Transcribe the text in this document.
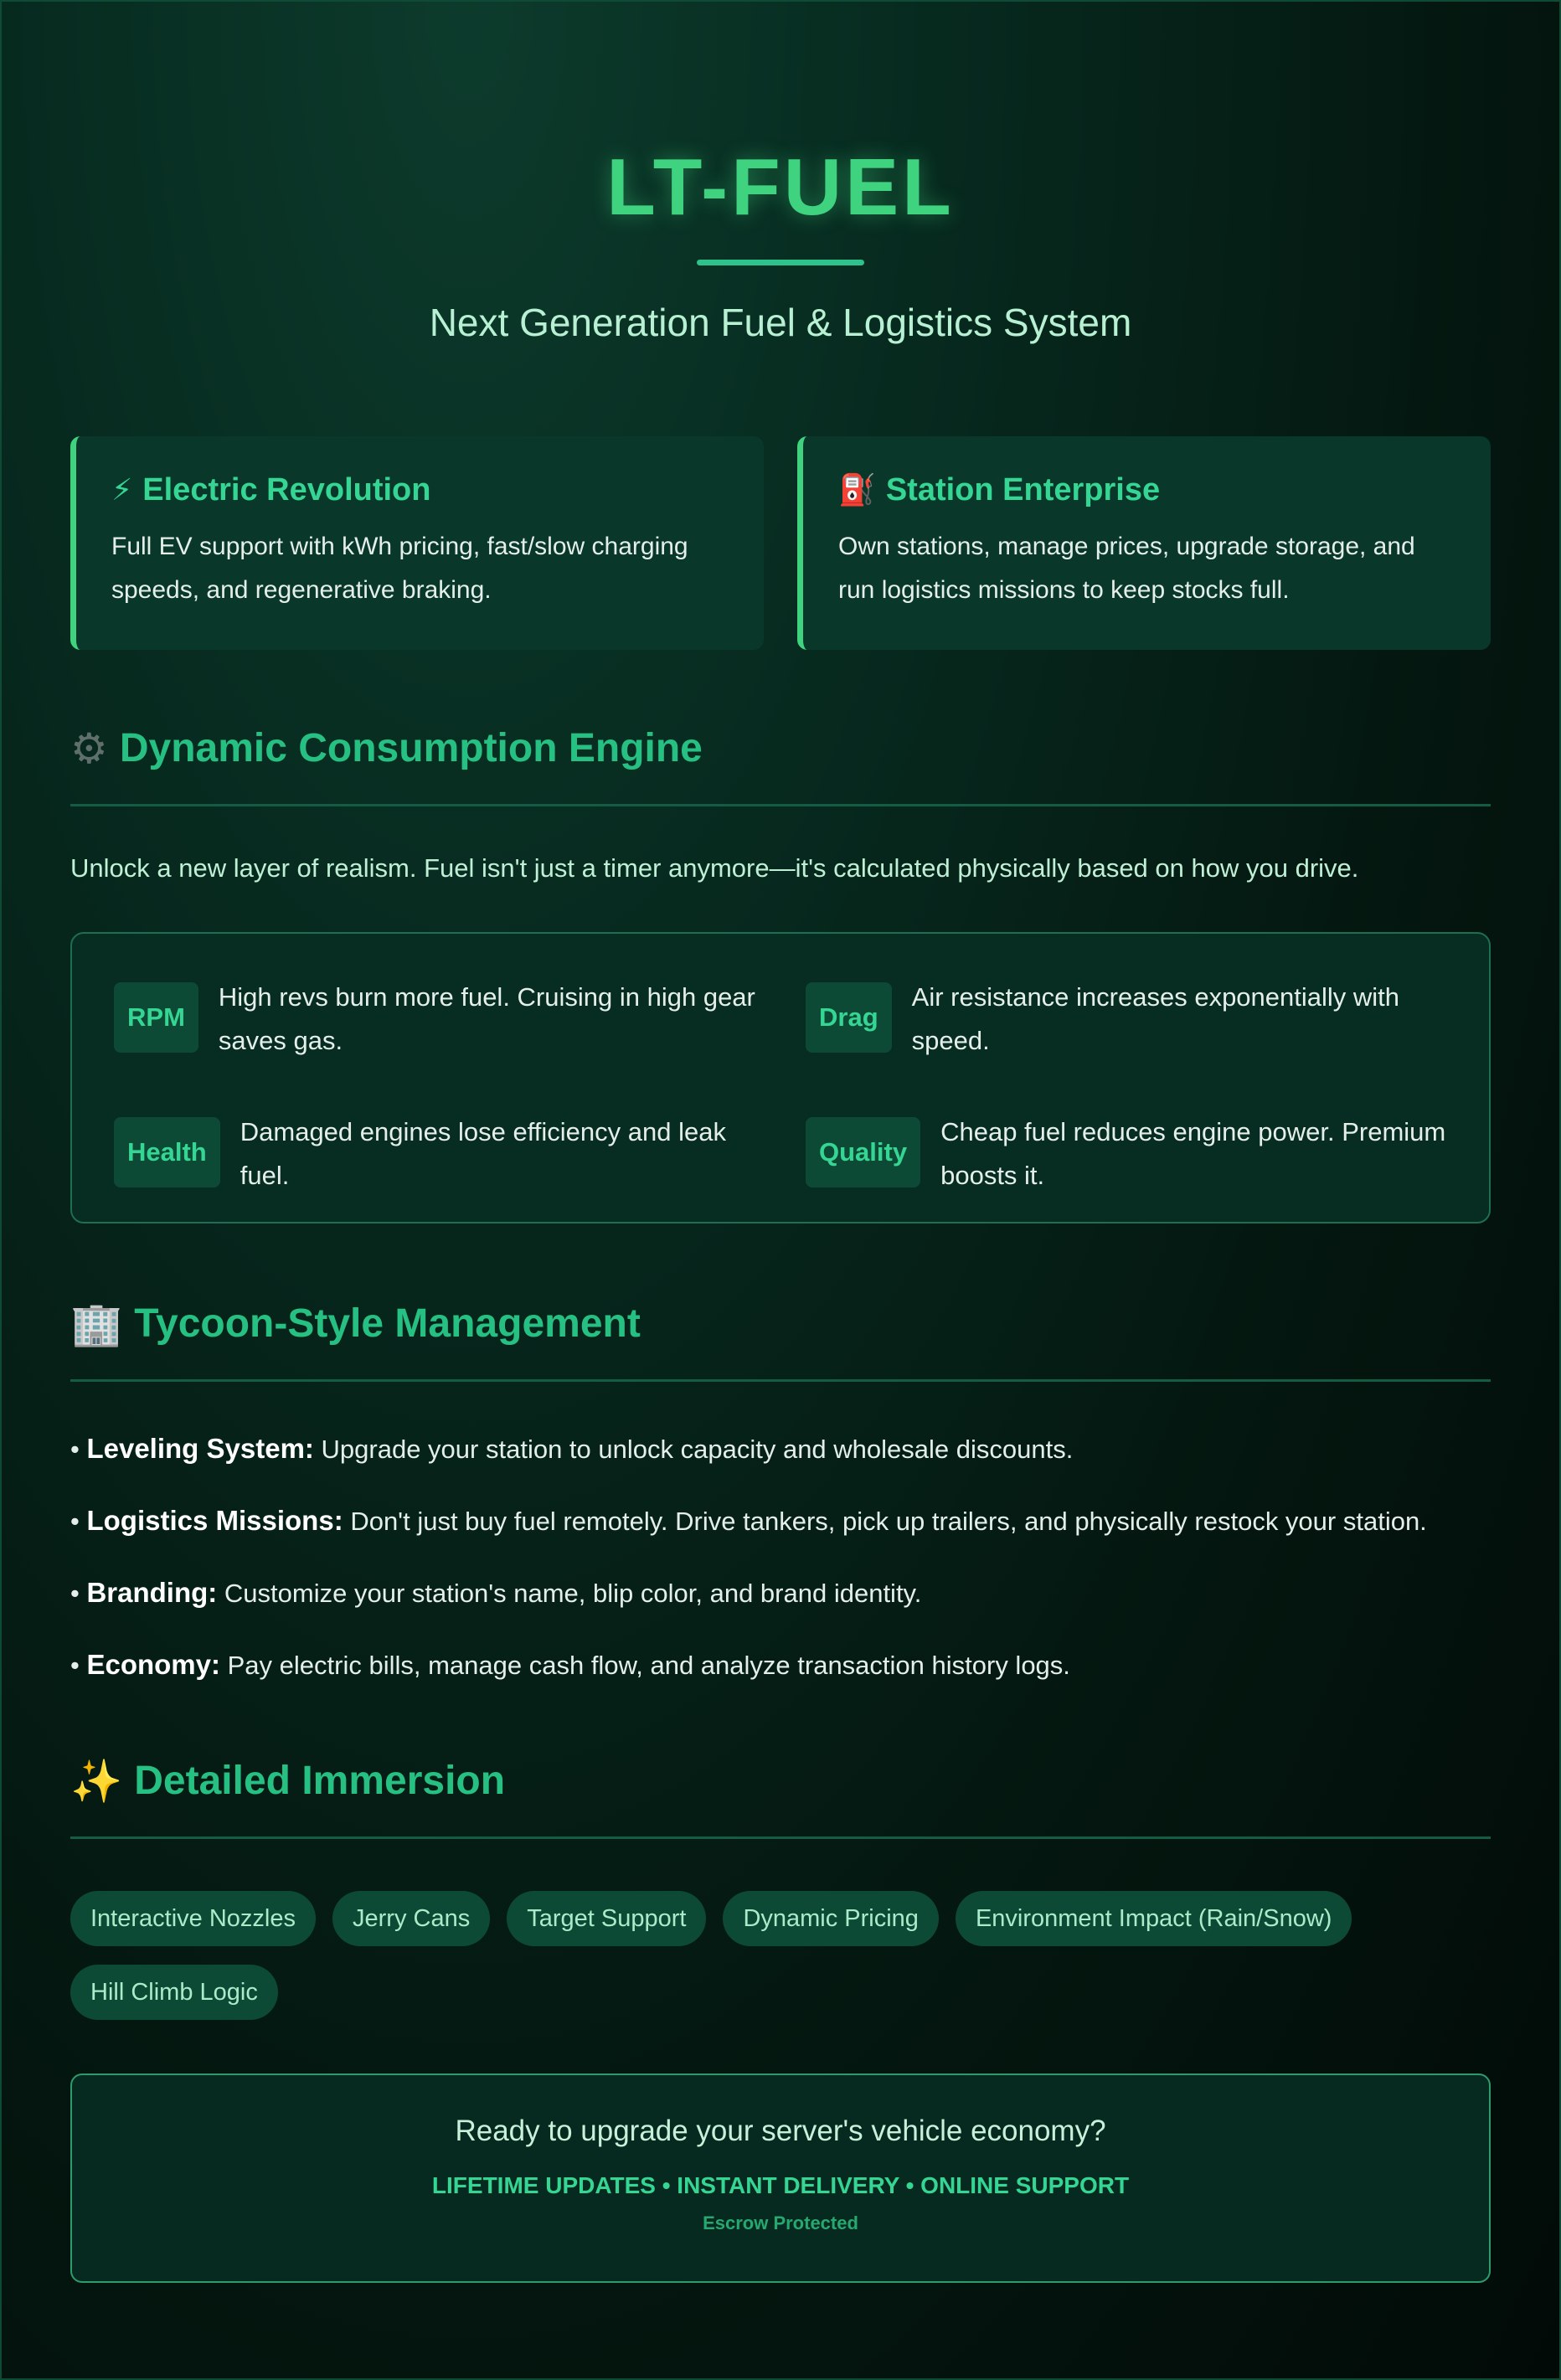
LT-FUEL

Next Generation Fuel & Logistics System

⚡ Electric Revolution

Full EV support with kWh pricing, fast/slow charging speeds, and regenerative braking.

⛽ Station Enterprise

Own stations, manage prices, upgrade storage, and run logistics missions to keep stocks full.

⚙ Dynamic Consumption Engine

Unlock a new layer of realism. Fuel isn't just a timer anymore—it's calculated physically based on how you drive.

RPM
High revs burn more fuel. Cruising in high gear saves gas.
Drag
Air resistance increases exponentially with speed.
Health
Damaged engines lose efficiency and leak fuel.
Quality
Cheap fuel reduces engine power. Premium boosts it.
🏢 Tycoon-Style Management

• Leveling System: Upgrade your station to unlock capacity and wholesale discounts.

• Logistics Missions: Don't just buy fuel remotely. Drive tankers, pick up trailers, and physically restock your station.

• Branding: Customize your station's name, blip color, and brand identity.

• Economy: Pay electric bills, manage cash flow, and analyze transaction history logs.

✨ Detailed Immersion
Interactive Nozzles	Jerry Cans	Target Support	Dynamic Pricing	Environment Impact (Rain/Snow)
Hill Climb Logic

Ready to upgrade your server's vehicle economy?

LIFETIME UPDATES • INSTANT DELIVERY • ONLINE SUPPORT

Escrow Protected
